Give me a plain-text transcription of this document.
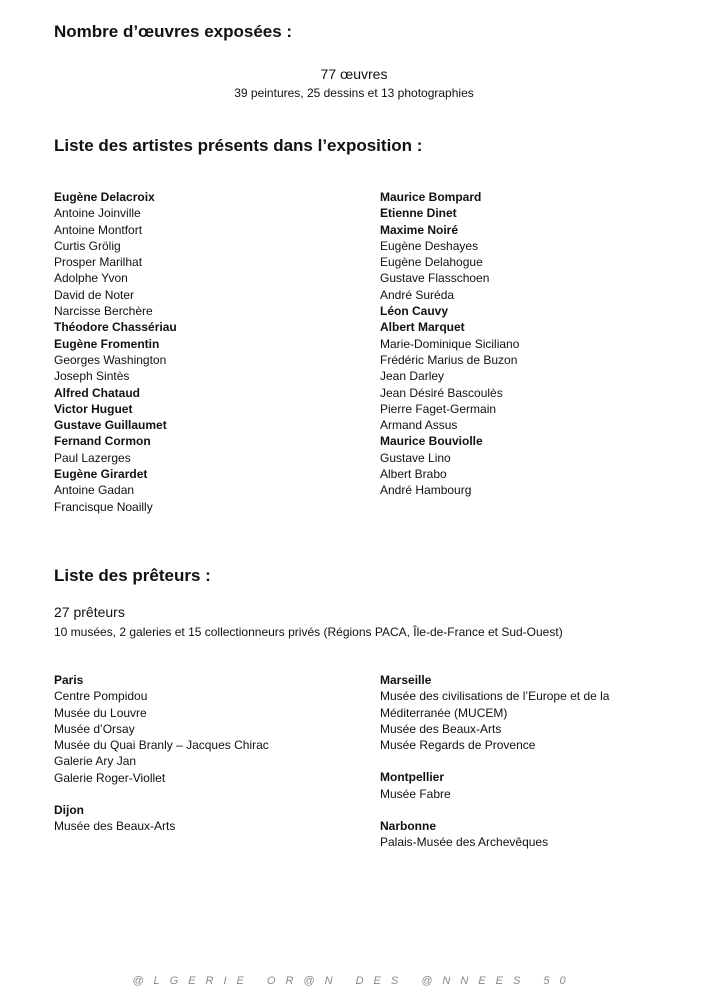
Nombre d’œuvres exposées :
77 œuvres
39 peintures, 25 dessins et 13 photographies
Liste des artistes présents dans l’exposition :
Eugène Delacroix
Antoine Joinville
Antoine Montfort
Curtis Grölig
Prosper Marilhat
Adolphe Yvon
David de Noter
Narcisse Berchère
Théodore Chassériau
Eugène Fromentin
Georges Washington
Joseph Sintès
Alfred Chataud
Victor Huguet
Gustave Guillaumet
Fernand Cormon
Paul Lazerges
Eugène Girardet
Antoine Gadan
Francisque Noailly
Maurice Bompard
Etienne Dinet
Maxime Noiré
Eugène Deshayes
Eugène Delahogue
Gustave Flasschoen
André Suréda
Léon Cauvy
Albert Marquet
Marie-Dominique Siciliano
Frédéric Marius de Buzon
Jean Darley
Jean Désiré Bascoulès
Pierre Faget-Germain
Armand Assus
Maurice Bouviolle
Gustave Lino
Albert Brabo
André Hambourg
Liste des prêteurs :
27 prêteurs
10 musées, 2 galeries et 15 collectionneurs privés (Régions PACA, Île-de-France et Sud-Ouest)
Paris
Centre Pompidou
Musée du Louvre
Musée d’Orsay
Musée du Quai Branly – Jacques Chirac
Galerie Ary Jan
Galerie Roger-Viollet
Dijon
Musée des Beaux-Arts
Marseille
Musée des civilisations de l’Europe et de la
Méditerranée (MUCEM)
Musée des Beaux-Arts
Musée Regards de Provence
Montpellier
Musée Fabre
Narbonne
Palais-Musée des Archevêques
@LGERIE OR@N DES @NNEES 50
